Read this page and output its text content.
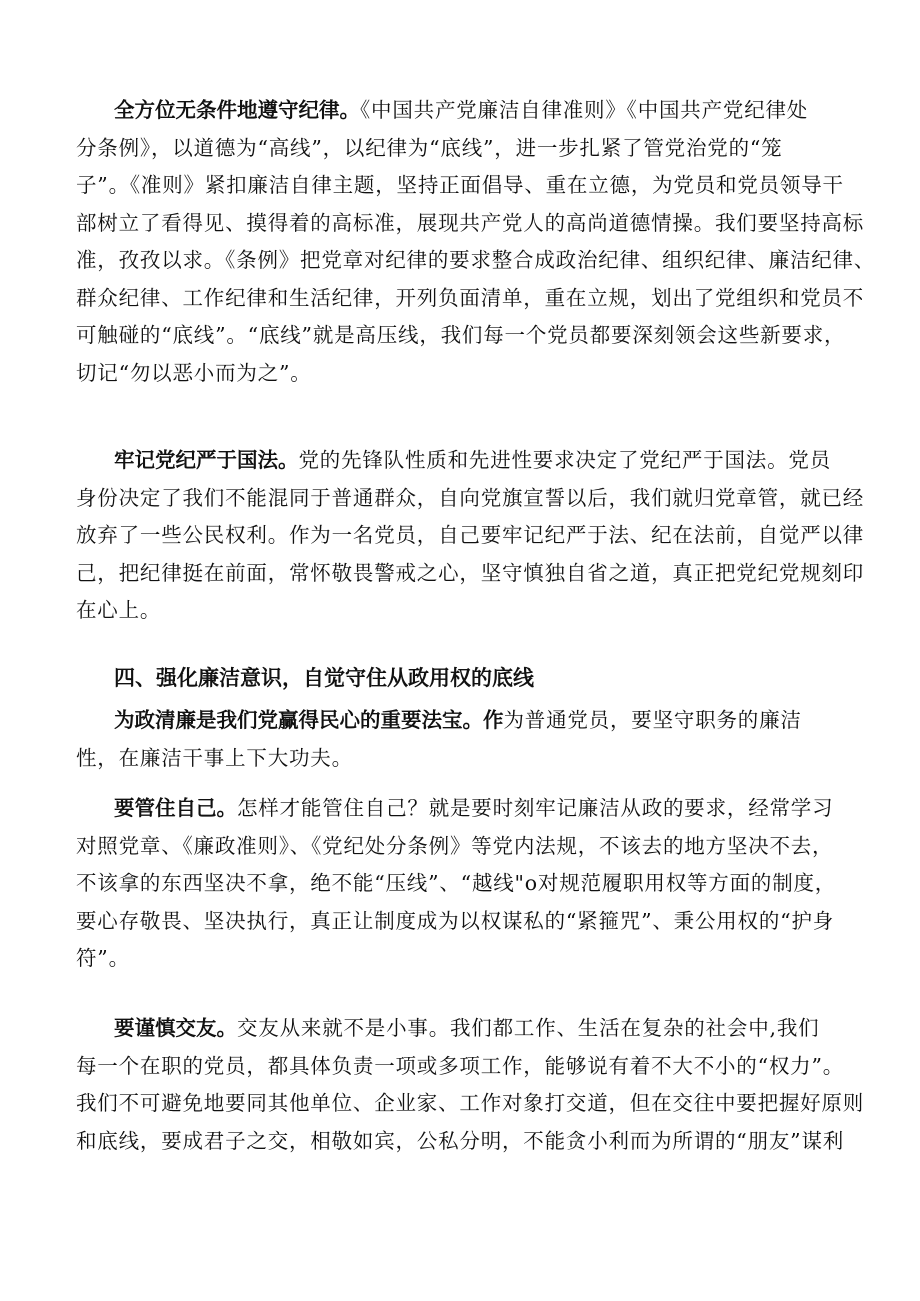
全方位无条件地遵守纪律。《中国共产党廉洁自律准则》《中国共产党纪律处
分条例》，以道德为“高线”，以纪律为“底线”，进一步扎紧了管党治党的“笼
子”。《准则》紧扣廉洁自律主题，坚持正面倡导、重在立德，为党员和党员领导干
部树立了看得见、摸得着的高标准，展现共产党人的高尚道德情操。我们要坚持高标
准，孜孜以求。《条例》把党章对纪律的要求整合成政治纪律、组织纪律、廉洁纪律、
群众纪律、工作纪律和生活纪律，开列负面清单，重在立规，划出了党组织和党员不
可触碰的“底线”。“底线”就是高压线，我们每一个党员都要深刻领会这些新要求，
切记“勿以恶小而为之”。
牢记党纪严于国法。党的先锋队性质和先进性要求决定了党纪严于国法。党员
身份决定了我们不能混同于普通群众，自向党旗宣誓以后，我们就归党章管，就已经
放弃了一些公民权利。作为一名党员，自己要牢记纪严于法、纪在法前，自觉严以律
己，把纪律挺在前面，常怀敬畏警戒之心，坚守慎独自省之道，真正把党纪党规刻印
在心上。
四、强化廉洁意识，自觉守住从政用权的底线
为政清廉是我们党赢得民心的重要法宝。作为普通党员，要坚守职务的廉洁
性，在廉洁干事上下大功夫。
要管住自己。怎样才能管住自己？就是要时刻牢记廉洁从政的要求，经常学习
对照党章、《廉政准则》、《党纪处分条例》等党内法规，不该去的地方坚决不去，
不该拿的东西坚决不拿，绝不能“压线”、“越线"o对规范履职用权等方面的制度，
要心存敬畏、坚决执行，真正让制度成为以权谋私的“紧箍咒”、秉公用权的“护身
符”。
要谨慎交友。交友从来就不是小事。我们都工作、生活在复杂的社会中,我们
每一个在职的党员，都具体负责一项或多项工作，能够说有着不大不小的“权力”。
我们不可避免地要同其他单位、企业家、工作对象打交道，但在交往中要把握好原则
和底线，要成君子之交，相敬如宾，公私分明，不能贪小利而为所谓的“朋友”谋利
